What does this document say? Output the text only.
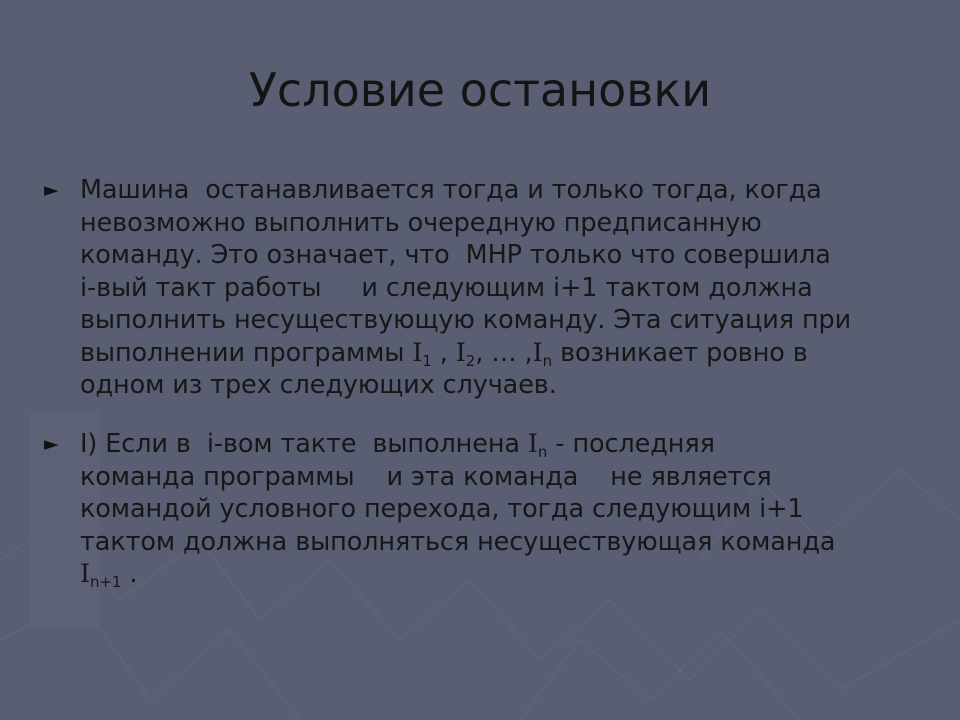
Условие остановки
► Машина  останавливается тогда и только тогда, когда
невозможно выполнить очередную предписанную
команду. Это означает, что  МНР только что совершила
i-вый такт работы     и следующим i+1 тактом должна
выполнить несуществующую команду. Эта ситуация при
выполнении программы $I_1$ , $I_2$, … $,I_n$ возникает ровно в
одном из трех следующих случаев.
► I) Если в  i-вом такте  выполнена $I_n$ - последняя
команда программы    и эта команда    не является
командой условного перехода, тогда следующим i+1
тактом должна выполняться несуществующая команда
$I_{n+1}$ .
